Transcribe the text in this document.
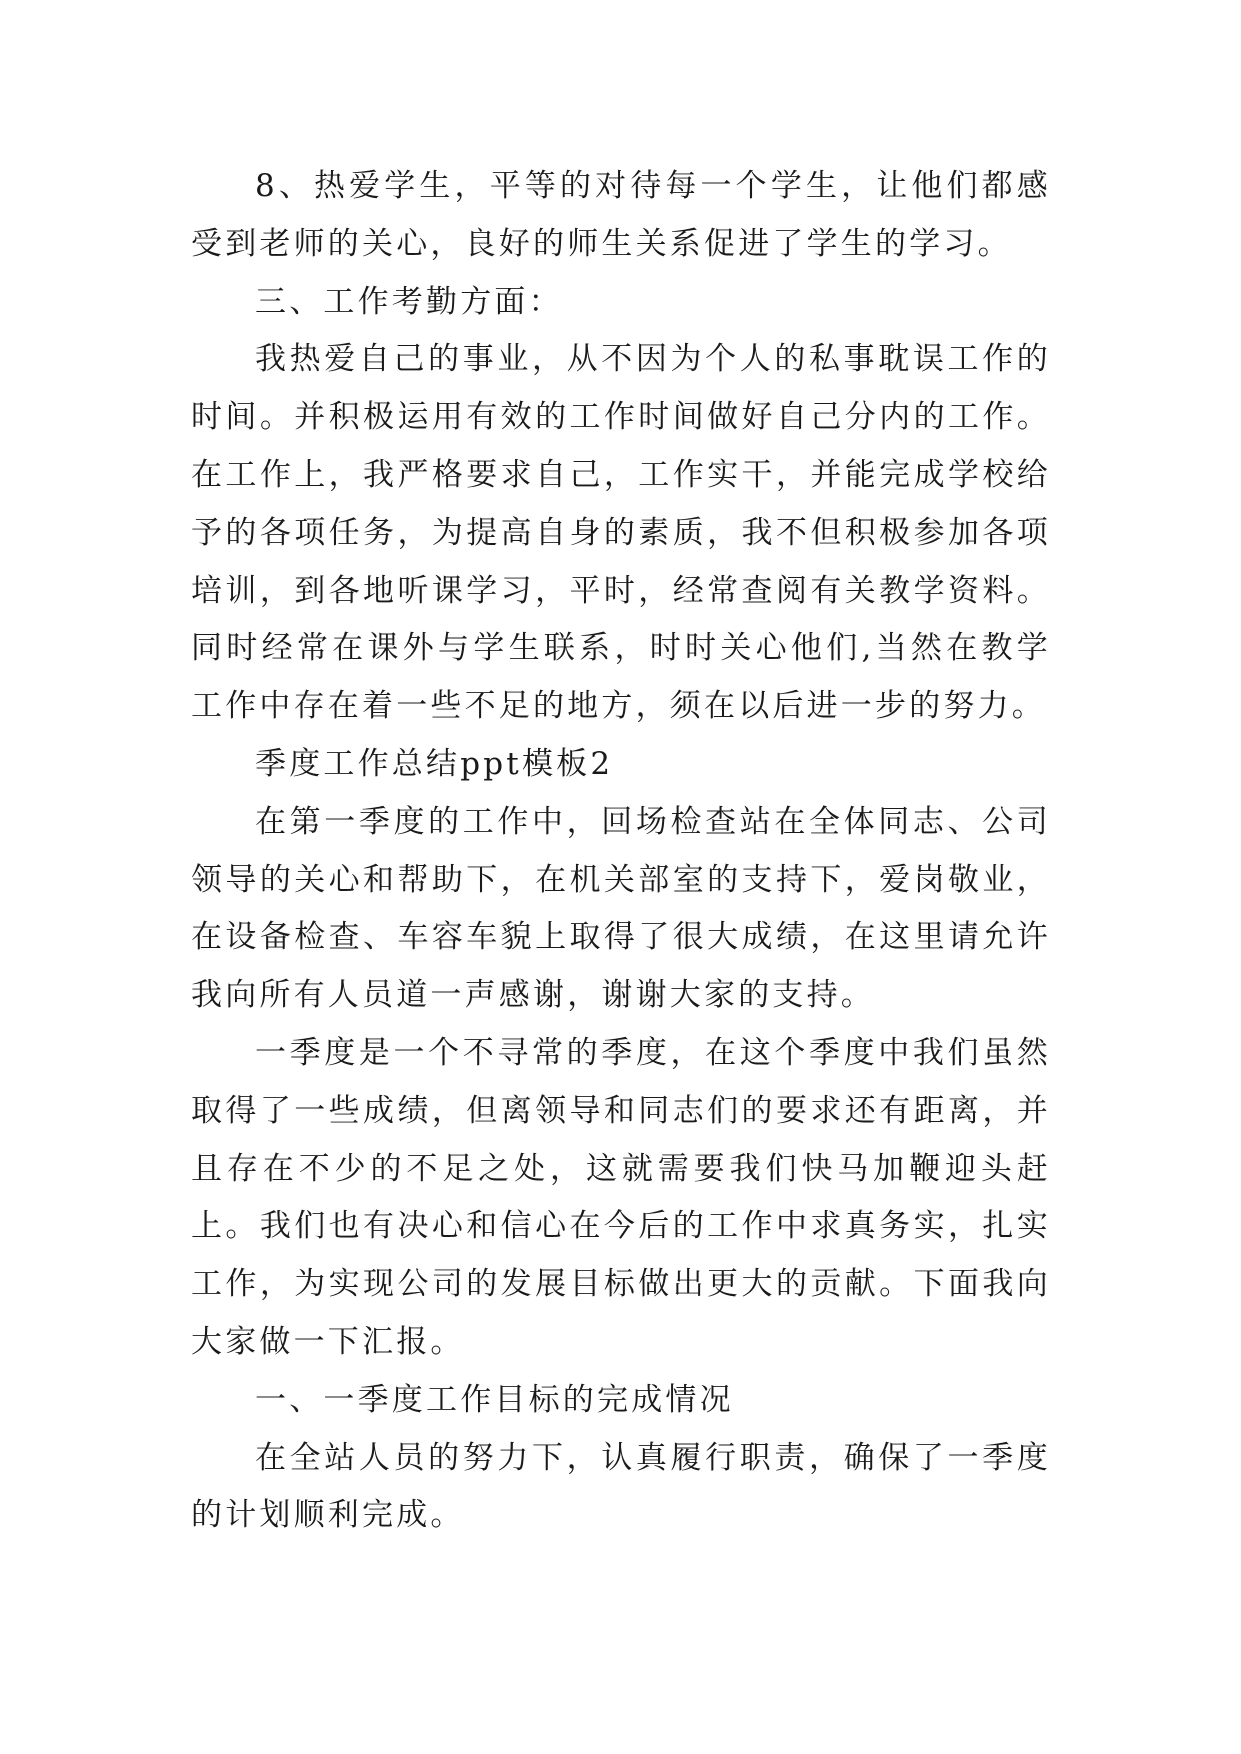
8、热爱学生，平等的对待每一个学生，让他们都感受到老师的关心，良好的师生关系促进了学生的学习。

三、工作考勤方面：

我热爱自己的事业，从不因为个人的私事耽误工作的时间。并积极运用有效的工作时间做好自己分内的工作。在工作上，我严格要求自己，工作实干，并能完成学校给予的各项任务，为提高自身的素质，我不但积极参加各项培训，到各地听课学习，平时，经常查阅有关教学资料。同时经常在课外与学生联系，时时关心他们,当然在教学工作中存在着一些不足的地方，须在以后进一步的努力。

季度工作总结ppt模板2

在第一季度的工作中，回场检查站在全体同志、公司领导的关心和帮助下，在机关部室的支持下，爱岗敬业，在设备检查、车容车貌上取得了很大成绩，在这里请允许我向所有人员道一声感谢，谢谢大家的支持。

一季度是一个不寻常的季度，在这个季度中我们虽然取得了一些成绩，但离领导和同志们的要求还有距离，并且存在不少的不足之处，这就需要我们快马加鞭迎头赶上。我们也有决心和信心在今后的工作中求真务实，扎实工作，为实现公司的发展目标做出更大的贡献。下面我向大家做一下汇报。

一、一季度工作目标的完成情况

在全站人员的努力下，认真履行职责，确保了一季度的计划顺利完成。
